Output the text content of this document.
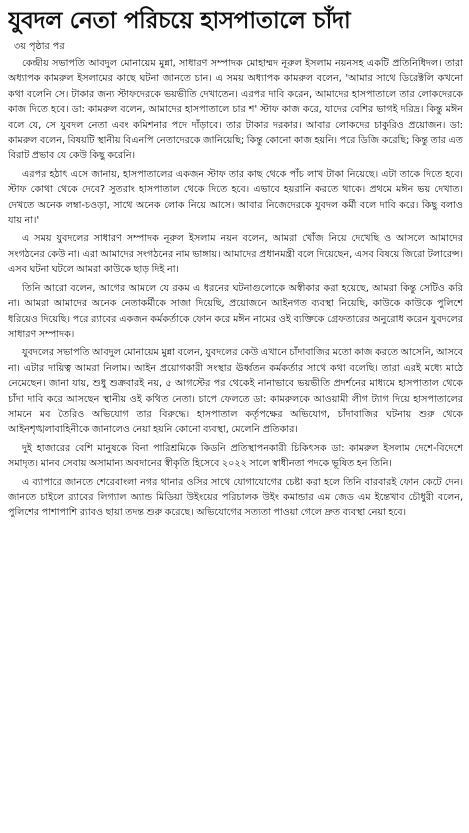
যুবদল নেতা পরিচয়ে হাসপাতালে চাঁদা
৩য় পৃষ্ঠার পর

কেন্দ্রীয় সভাপতি আবদুল মোনায়েম মুন্না, সাধারণ সম্পাদক মোহাম্মদ নূরুল ইসলাম নয়নসহ একটি প্রতিনিধিদল। তারা অধ্যাপক কামরুল ইসলামের কাছে ঘটনা জানতে চান। এ সময় অধ্যাপক কামরুল বলেন, 'আমার সাথে ডিরেক্টলি কখনো কথা বলেনি সে। টাকার জন্য স্টাফদেরকে ভয়ভীতি দেখাতেন। এরপর দাবি করেন, আমাদের হাসপাতালে তার লোকদেরকে কাজ দিতে হবে। ডা: কামরুল বলেন, আমাদের হাসপাতালে চার শ' স্টাফ কাজ করে, যাদের বেশির ভাগই দরিদ্র। কিন্তু মঈন বলে যে, সে যুবদল নেতা এবং কমিশনার পদে দাঁড়াবে। তার টাকার দরকার। আবার লোকদের চাকুরিও প্রয়োজন। ডা: কামরুল বলেন, বিষয়টি স্থানীয় বিএনপি নেতাদেরকে জানিয়েছি; কিন্তু কোনো কাজ হয়নি। পরে ডিজি করেছি; কিন্তু তার এত বিরাট প্রভাব যে কেউ কিছু করেনি।

এরপর হঠাৎ এসে জানায়, হাসপাতালের একজন স্টাফ তার কাছ থেকে পাঁচ লাখ টাকা নিয়েছে। এটা তাকে দিতে হবে। স্টাফ কোথা থেকে দেবে? সুতরাং হাসপাতাল থেকে দিতে হবে। এভাবে হয়রানি করতে থাকে। প্রথমে মঈন ভয় দেখাত। দেখতে অনেক লম্বা-চওড়া, সাথে অনেক লোক নিয়ে আসে। আবার নিজেদেরকে যুবদল কর্মী বলে দাবি করে। কিছু বলাও যায় না।'

এ সময় যুবদলের সাধারণ সম্পাদক নূরুল ইসলাম নয়ন বলেন, আমরা খোঁজ নিয়ে দেখেছি ও আসলে আমাদের সংগঠনের কেউ না। এরা আমাদের সংগঠনের নাম ভাঙ্গায়। আমাদের প্রধানমন্ত্রী বলে দিয়েছেন, এসব বিষয়ে জিরো টলারেন্স। এসব ঘটনা ঘটলে আমরা কাউকে ছাড় দিই না।

তিনি আরো বলেন, আগের আমলে যে রকম এ ধরনের ঘটনাগুলোকে অস্বীকার করা হয়েছে, আমরা কিন্তু সেটিও করি না। আমরা আমাদের অনেক নেতাকর্মীকে সাজা দিয়েছি, প্রয়োজনে আইনগত ব্যবস্থা নিয়েছি, কাউকে কাউকে পুলিশে ধরিয়েও দিয়েছি। পরে র‍্যাবের একজন কর্মকর্তাকে ফোন করে মঈন নামের ওই ব্যক্তিকে গ্রেফতারের অনুরোধ করেন যুবদলের সাধারণ সম্পাদক।

যুবদলের সভাপতি আবদুল মোনায়েম মুন্না বলেন, যুবদলের কেউ এখানে চাঁদাবাজির মতো কাজ করতে আসেনি, আসবে না। এটার দায়িত্ব আমরা নিলাম। আইন প্রয়োগকারী সংস্থার ঊর্ধ্বতন কর্মকর্তার সাথে কথা বলেছি। তারা এরই মধ্যে মাঠে নেমেছেন। জানা যায়, শুধু শুক্রবারই নয়, ৫ আগস্টের পর থেকেই নানাভাবে ভয়ভীতি প্রদর্শনের মাধ্যমে হাসপাতাল থেকে চাঁদা দাবি করে আসছেন স্থানীয় ওই কথিত নেতা। চাপে ফেলতে ডা: কামরুলকে আওয়ামী লীগ ট্যাগ দিয়ে হাসপাতালের সামনে মব তৈরিও অভিযোগ তার বিরুদ্ধে। হাসপাতাল কর্তৃপক্ষের অভিযোগ, চাঁদাবাজির ঘটনায় শুরু থেকে আইনশৃঙ্খলাবাহিনীকে জানালেও নেয়া হয়নি কোনো ব্যবস্থা, মেলেনি প্রতিকার।

দুই হাজারের বেশি মানুষকে বিনা পারিশ্রমিকে কিডনি প্রতিস্থাপনকারী চিকিৎসক ডা: কামরুল ইসলাম দেশে-বিদেশে সমাদৃত। মানব সেবায় অসামান্য অবদানের স্বীকৃতি হিসেবে ২০২২ সালে স্বাধীনতা পদকে ভূষিত হন তিনি।

এ ব্যাপারে জানতে শেরেবাংলা নগর থানার ওসির সাথে যোগাযোগের চেষ্টা করা হলে তিনি বারবারই ফোন কেটে দেন। জানতে চাইলে র‍্যাবের লিগ্যাল অ্যান্ড মিডিয়া উইংয়ের পরিচালক উইং কমান্ডার এম জেড এম ইন্তেখাব চৌধুরী বলেন, পুলিশের পাশাপাশি র‍্যাবও ছায়া তদন্ত শুরু করেছে। অভিযোগের সত্যতা পাওয়া গেলে দ্রুত ব্যবস্থা নেয়া হবে।
